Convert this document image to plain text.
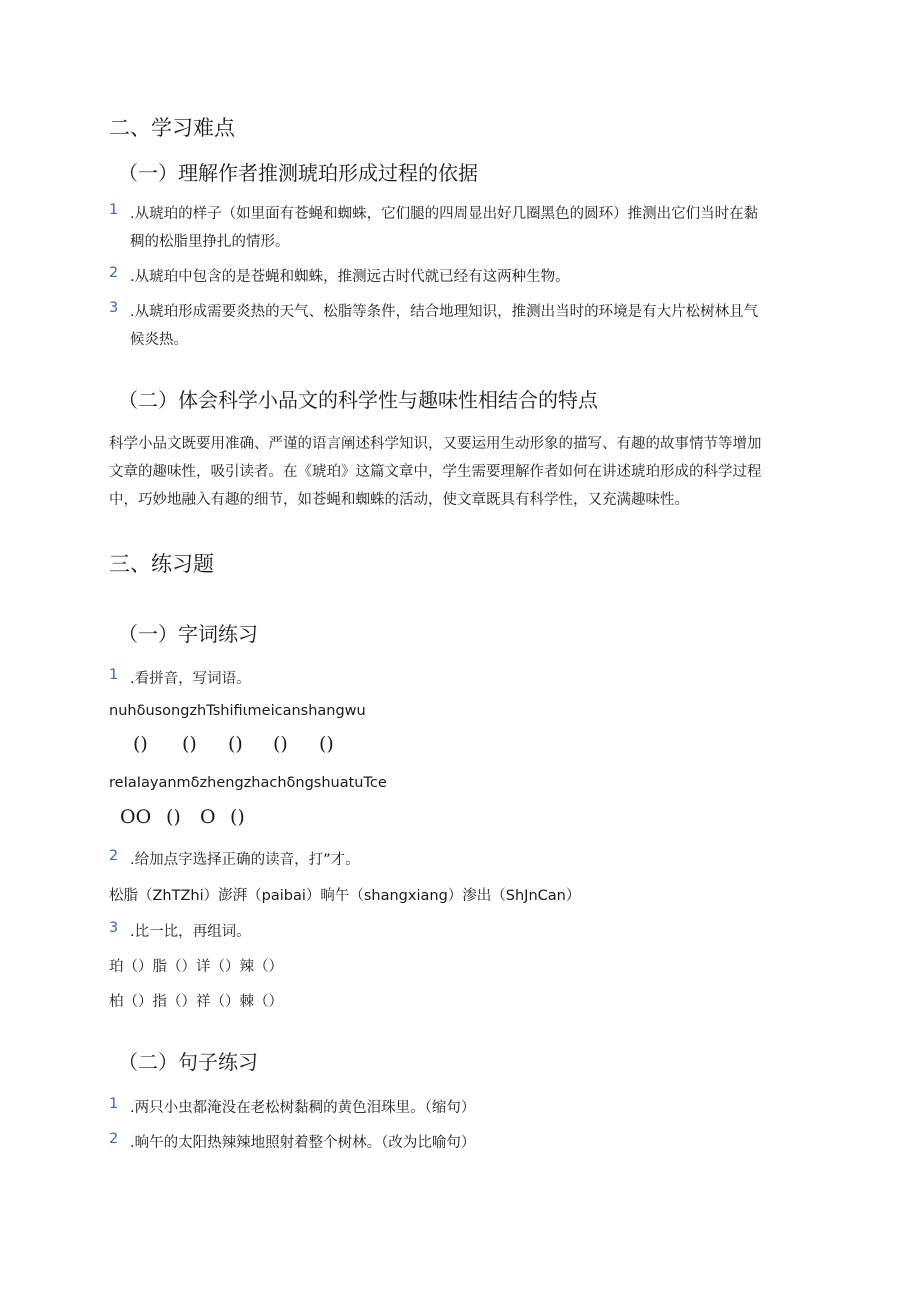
二、学习难点
（一）理解作者推测琥珀形成过程的依据
1 .从琥珀的样子（如里面有苍蝇和蜘蛛，它们腿的四周显出好几圈黑色的圆环）推测出它们当时在黏
稠的松脂里挣扎的情形。
2 .从琥珀中包含的是苍蝇和蜘蛛，推测远古时代就已经有这两种生物。
3 .从琥珀形成需要炎热的天气、松脂等条件，结合地理知识，推测出当时的环境是有大片松树林且气
候炎热。
（二）体会科学小品文的科学性与趣味性相结合的特点
科学小品文既要用准确、严谨的语言阐述科学知识，又要运用生动形象的描写、有趣的故事情节等增加
文章的趣味性，吸引读者。在《琥珀》这篇文章中，学生需要理解作者如何在讲述琥珀形成的科学过程
中，巧妙地融入有趣的细节，如苍蝇和蜘蛛的活动，使文章既具有科学性，又充满趣味性。
三、练习题
（一）字词练习
1 .看拼音，写词语。
nuhδusongzhTshifiιmeicanshangwu
() () () () ()
reIaIayanmδzhengzhachδngshuatuTce
OO () O ()
2 .给加点字选择正确的读音，打”才。
松脂（ZhTZhi）澎湃（paibai）晌午（shangxiang）渗出（ShJnCan）
3 .比一比，再组词。
珀（）脂（）详（）辣（）
柏（）指（）祥（）棘（）
（二）句子练习
1 .两只小虫都淹没在老松树黏稠的黄色泪珠里。（缩句）
2 .晌午的太阳热辣辣地照射着整个树林。（改为比喻句）
